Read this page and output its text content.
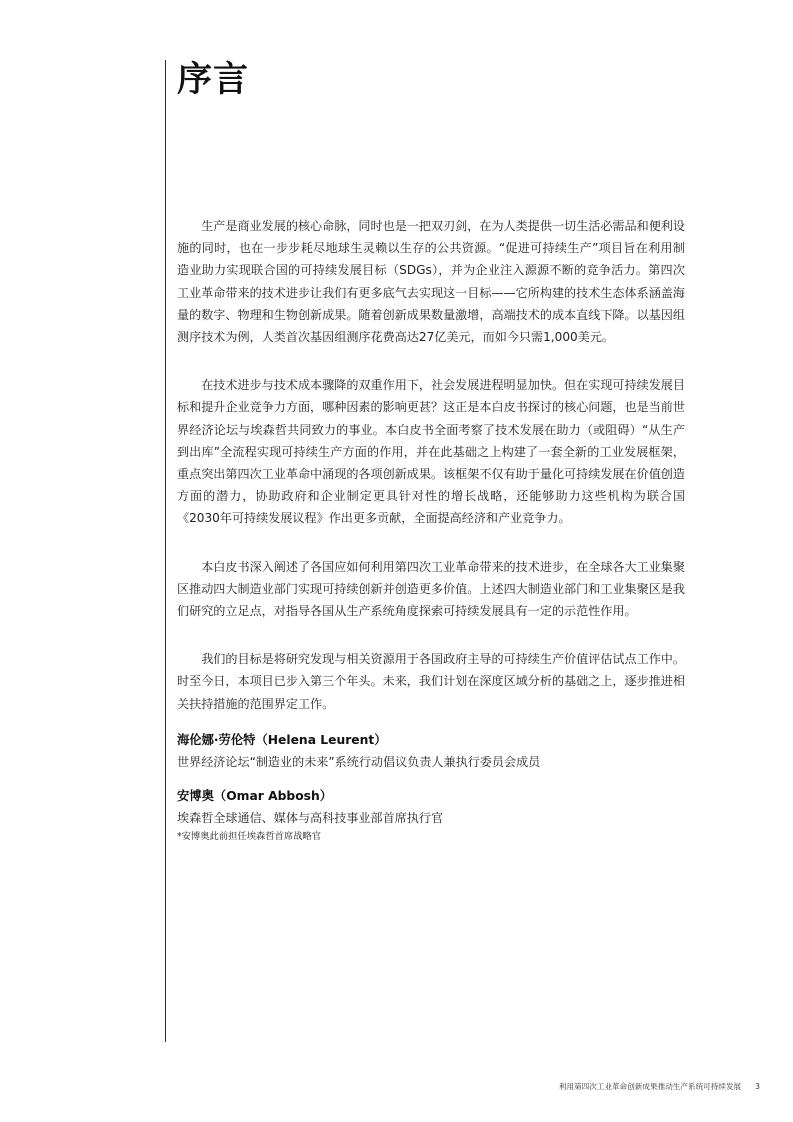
序言

生产是商业发展的核心命脉，同时也是一把双刃剑，在为人类提供一切生活必需品和便利设施的同时，也在一步步耗尽地球生灵赖以生存的公共资源。“促进可持续生产”项目旨在利用制造业助力实现联合国的可持续发展目标（SDGs），并为企业注入源源不断的竞争活力。第四次工业革命带来的技术进步让我们有更多底气去实现这一目标——它所构建的技术生态体系涵盖海量的数字、物理和生物创新成果。随着创新成果数量激增，高端技术的成本直线下降。以基因组测序技术为例，人类首次基因组测序花费高达27亿美元，而如今只需1,000美元。

在技术进步与技术成本骤降的双重作用下，社会发展进程明显加快。但在实现可持续发展目标和提升企业竞争力方面，哪种因素的影响更甚？这正是本白皮书探讨的核心问题，也是当前世界经济论坛与埃森哲共同致力的事业。本白皮书全面考察了技术发展在助力（或阻碍）“从生产到出库”全流程实现可持续生产方面的作用，并在此基础之上构建了一套全新的工业发展框架，重点突出第四次工业革命中涌现的各项创新成果。该框架不仅有助于量化可持续发展在价值创造方面的潜力，协助政府和企业制定更具针对性的增长战略，还能够助力这些机构为联合国《2030年可持续发展议程》作出更多贡献，全面提高经济和产业竞争力。

本白皮书深入阐述了各国应如何利用第四次工业革命带来的技术进步，在全球各大工业集聚区推动四大制造业部门实现可持续创新并创造更多价值。上述四大制造业部门和工业集聚区是我们研究的立足点，对指导各国从生产系统角度探索可持续发展具有一定的示范性作用。

我们的目标是将研究发现与相关资源用于各国政府主导的可持续生产价值评估试点工作中。时至今日，本项目已步入第三个年头。未来，我们计划在深度区域分析的基础之上，逐步推进相关扶持措施的范围界定工作。

海伦娜·劳伦特（Helena Leurent）

世界经济论坛“制造业的未来”系统行动倡议负责人兼执行委员会成员

安博奥（Omar Abbosh）

埃森哲全球通信、媒体与高科技事业部首席执行官

*安博奥此前担任埃森哲首席战略官

利用第四次工业革命创新成果推动生产系统可持续发展 3
